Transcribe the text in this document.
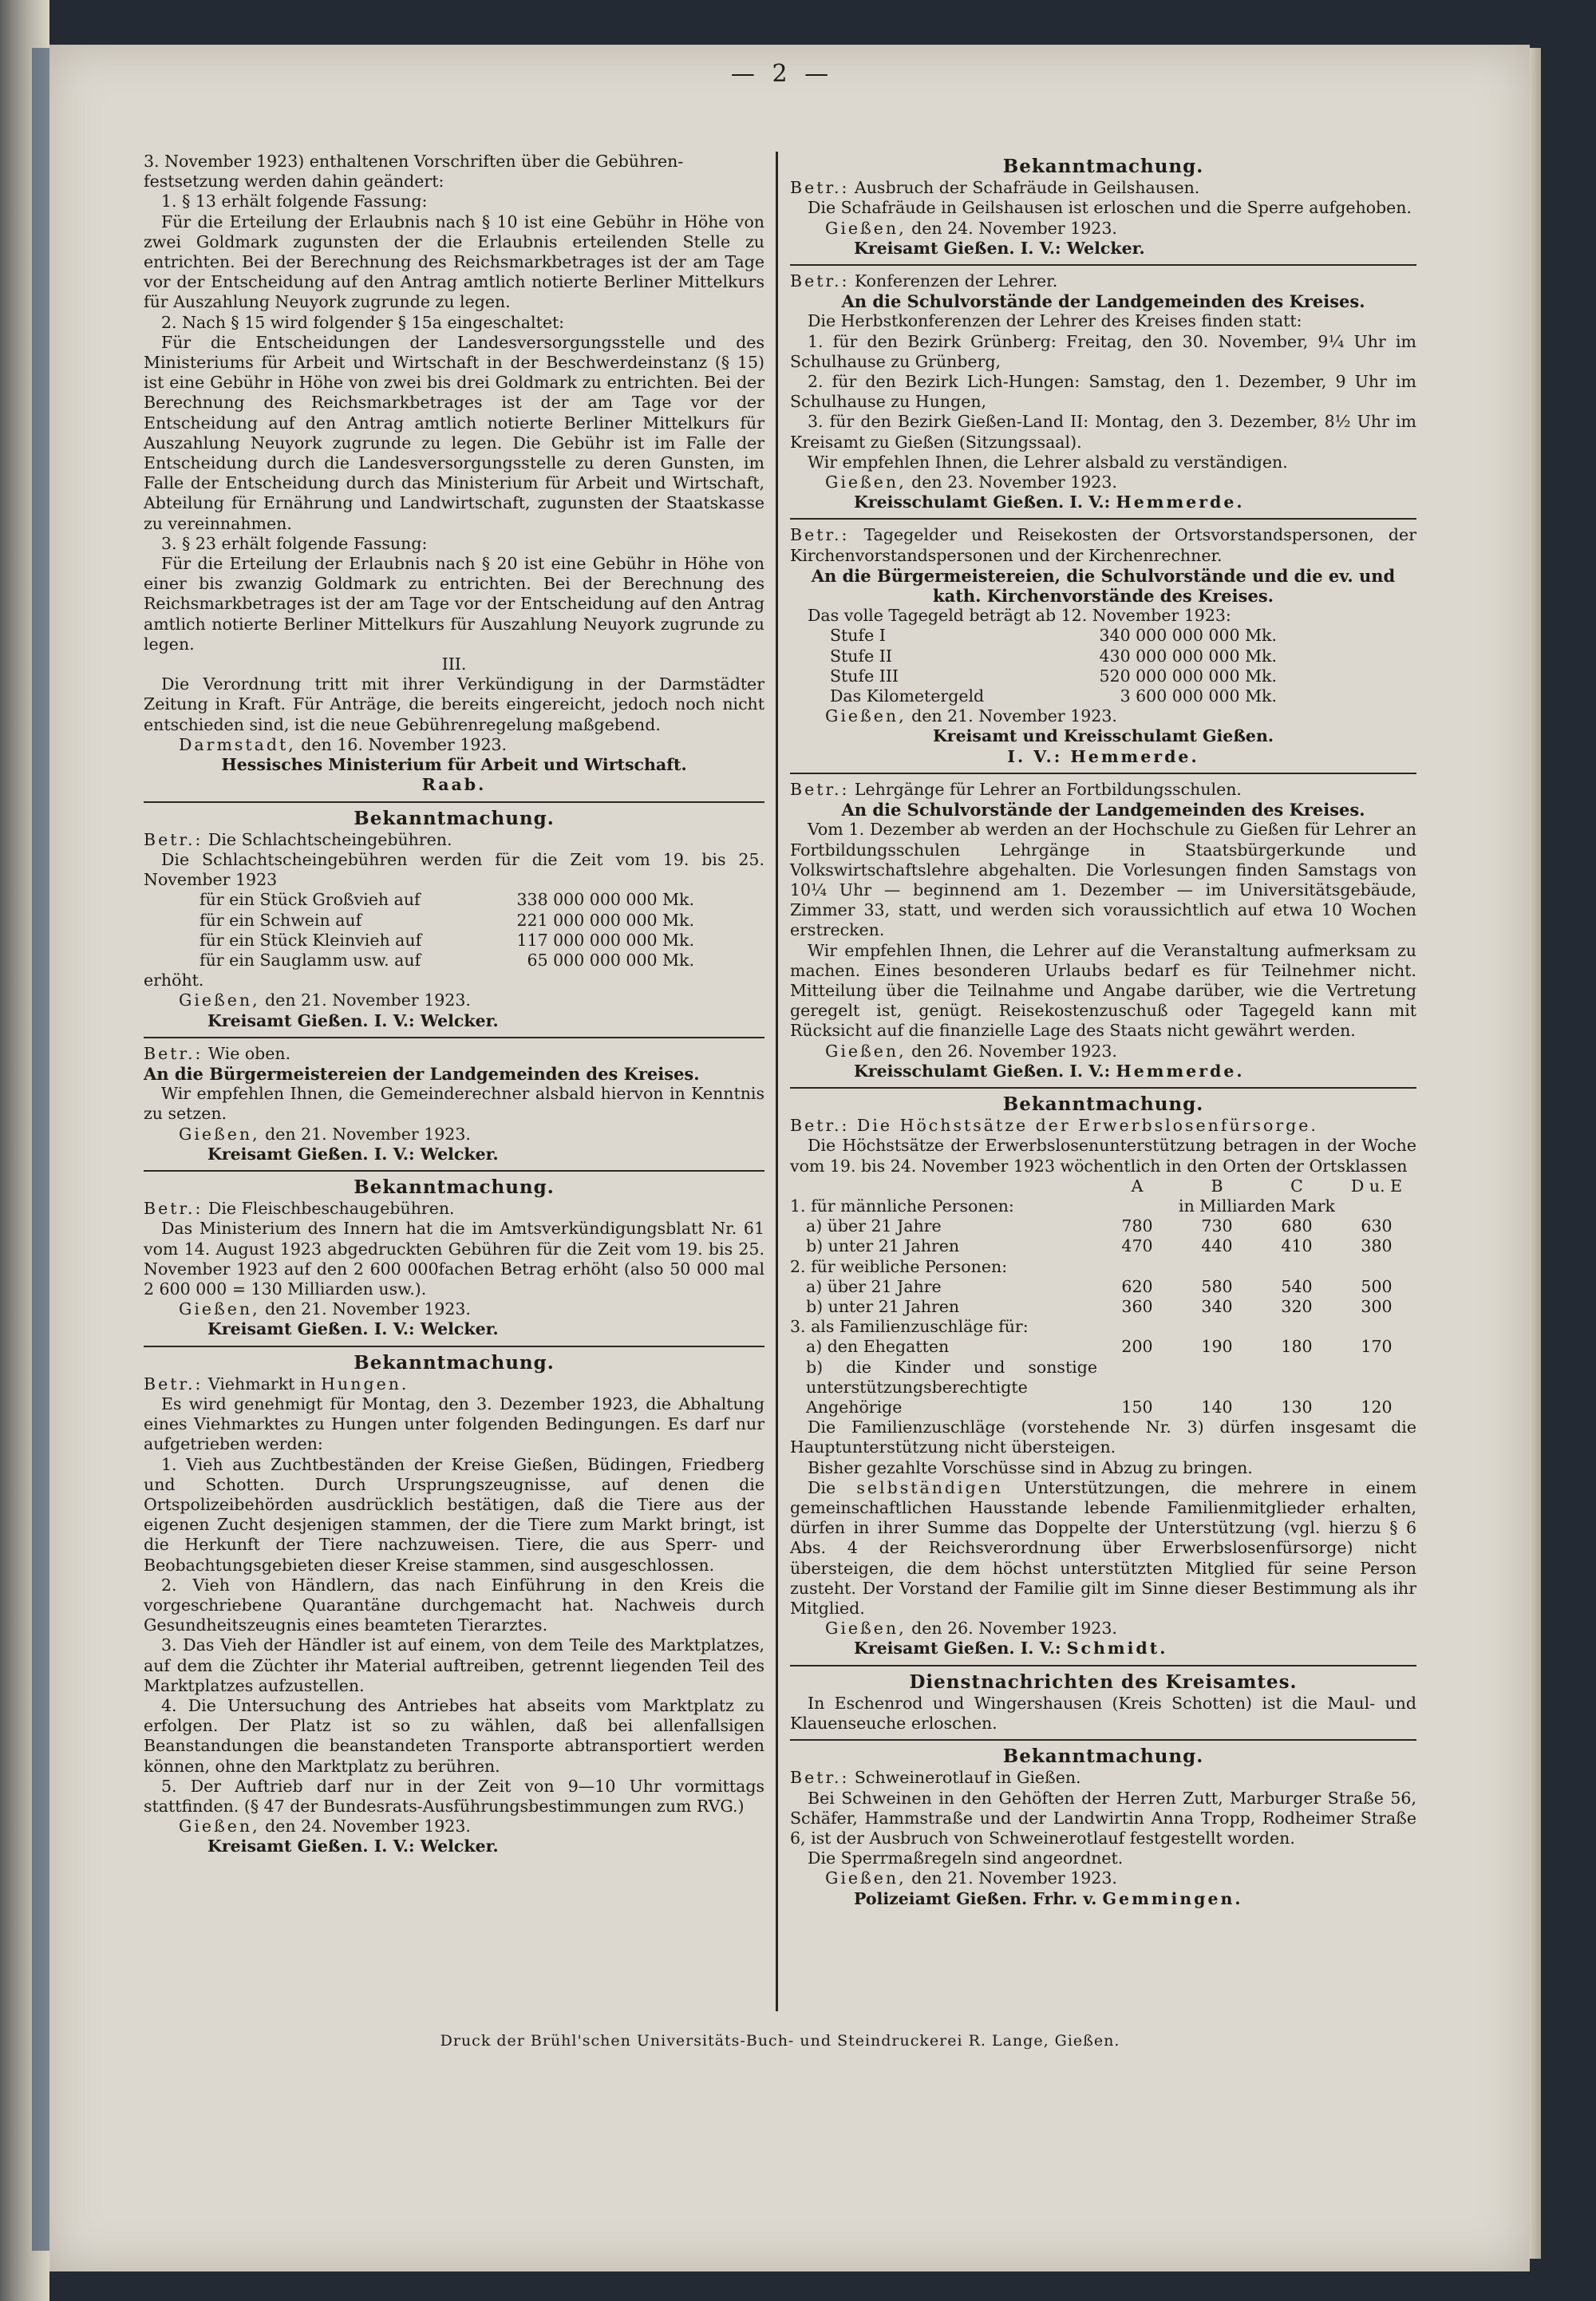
— 2 —

3. November 1923) enthaltenen Vorschriften über die Gebühren-

festsetzung werden dahin geändert:

1. § 13 erhält folgende Fassung:

Für die Erteilung der Erlaubnis nach § 10 ist eine Gebühr in Höhe von zwei Goldmark zugunsten der die Erlaubnis erteilenden Stelle zu entrichten. Bei der Berechnung des Reichsmarkbetrages ist der am Tage vor der Entscheidung auf den Antrag amtlich notierte Berliner Mittelkurs für Auszahlung Neuyork zugrunde zu legen.

2. Nach § 15 wird folgender § 15a eingeschaltet:

Für die Entscheidungen der Landesversorgungsstelle und des Ministeriums für Arbeit und Wirtschaft in der Beschwerdeinstanz (§ 15) ist eine Gebühr in Höhe von zwei bis drei Goldmark zu entrichten. Bei der Berechnung des Reichsmarkbetrages ist der am Tage vor der Entscheidung auf den Antrag amtlich notierte Berliner Mittelkurs für Auszahlung Neuyork zugrunde zu legen. Die Gebühr ist im Falle der Entscheidung durch die Landesversorgungsstelle zu deren Gunsten, im Falle der Entscheidung durch das Ministerium für Arbeit und Wirtschaft, Abteilung für Ernährung und Landwirtschaft, zugunsten der Staatskasse zu vereinnahmen.

3. § 23 erhält folgende Fassung:

Für die Erteilung der Erlaubnis nach § 20 ist eine Gebühr in Höhe von einer bis zwanzig Goldmark zu entrichten. Bei der Berechnung des Reichsmarkbetrages ist der am Tage vor der Entscheidung auf den Antrag amtlich notierte Berliner Mittelkurs für Auszahlung Neuyork zugrunde zu legen.

III.

Die Verordnung tritt mit ihrer Verkündigung in der Darmstädter Zeitung in Kraft. Für Anträge, die bereits eingereicht, jedoch noch nicht entschieden sind, ist die neue Gebührenregelung maßgebend.

Darmstadt, den 16. November 1923.

Hessisches Ministerium für Arbeit und Wirtschaft.

Raab.

Bekanntmachung.

Betr.: Die Schlachtscheingebühren.

Die Schlachtscheingebühren werden für die Zeit vom 19. bis 25. November 1923

für ein Stück Großvieh auf	338 000 000 000 Mk.
für ein Schwein auf	221 000 000 000 Mk.
für ein Stück Kleinvieh auf	117 000 000 000 Mk.
für ein Sauglamm usw. auf	65 000 000 000 Mk.

erhöht.

Gießen, den 21. November 1923.

Kreisamt Gießen. I. V.: Welcker.

Betr.: Wie oben.

An die Bürgermeistereien der Landgemeinden des Kreises.

Wir empfehlen Ihnen, die Gemeinderechner alsbald hiervon in Kenntnis zu setzen.

Gießen, den 21. November 1923.

Kreisamt Gießen. I. V.: Welcker.

Bekanntmachung.

Betr.: Die Fleischbeschaugebühren.

Das Ministerium des Innern hat die im Amtsverkündigungsblatt Nr. 61 vom 14. August 1923 abgedruckten Gebühren für die Zeit vom 19. bis 25. November 1923 auf den 2 600 000fachen Betrag erhöht (also 50 000 mal 2 600 000 = 130 Milliarden usw.).

Gießen, den 21. November 1923.

Kreisamt Gießen. I. V.: Welcker.

Bekanntmachung.

Betr.: Viehmarkt in Hungen.

Es wird genehmigt für Montag, den 3. Dezember 1923, die Abhaltung eines Viehmarktes zu Hungen unter folgenden Bedingungen. Es darf nur aufgetrieben werden:

1. Vieh aus Zuchtbeständen der Kreise Gießen, Büdingen, Friedberg und Schotten. Durch Ursprungszeugnisse, auf denen die Ortspolizeibehörden ausdrücklich bestätigen, daß die Tiere aus der eigenen Zucht desjenigen stammen, der die Tiere zum Markt bringt, ist die Herkunft der Tiere nachzuweisen. Tiere, die aus Sperr- und Beobachtungsgebieten dieser Kreise stammen, sind ausgeschlossen.

2. Vieh von Händlern, das nach Einführung in den Kreis die vorgeschriebene Quarantäne durchgemacht hat. Nachweis durch Gesundheitszeugnis eines beamteten Tierarztes.

3. Das Vieh der Händler ist auf einem, von dem Teile des Marktplatzes, auf dem die Züchter ihr Material auftreiben, getrennt liegenden Teil des Marktplatzes aufzustellen.

4. Die Untersuchung des Antriebes hat abseits vom Marktplatz zu erfolgen. Der Platz ist so zu wählen, daß bei allenfallsigen Beanstandungen die beanstandeten Transporte abtransportiert werden können, ohne den Marktplatz zu berühren.

5. Der Auftrieb darf nur in der Zeit von 9—10 Uhr vormittags stattfinden. (§ 47 der Bundesrats-Ausführungsbestimmungen zum RVG.)

Gießen, den 24. November 1923.

Kreisamt Gießen. I. V.: Welcker.

Bekanntmachung.

Betr.: Ausbruch der Schafräude in Geilshausen.

Die Schafräude in Geilshausen ist erloschen und die Sperre aufgehoben.

Gießen, den 24. November 1923.

Kreisamt Gießen. I. V.: Welcker.

Betr.: Konferenzen der Lehrer.

An die Schulvorstände der Landgemeinden des Kreises.

Die Herbstkonferenzen der Lehrer des Kreises finden statt:

1. für den Bezirk Grünberg: Freitag, den 30. November, 9¼ Uhr im Schulhause zu Grünberg,

2. für den Bezirk Lich-Hungen: Samstag, den 1. Dezember, 9 Uhr im Schulhause zu Hungen,

3. für den Bezirk Gießen-Land II: Montag, den 3. Dezember, 8½ Uhr im Kreisamt zu Gießen (Sitzungssaal).

Wir empfehlen Ihnen, die Lehrer alsbald zu verständigen.

Gießen, den 23. November 1923.

Kreisschulamt Gießen. I. V.: Hemmerde.

Betr.: Tagegelder und Reisekosten der Ortsvorstandspersonen, der Kirchenvorstandspersonen und der Kirchenrechner.

An die Bürgermeistereien, die Schulvorstände und die ev. und kath. Kirchenvorstände des Kreises.

Das volle Tagegeld beträgt ab 12. November 1923:

Stufe I	340 000 000 000 Mk.
Stufe II	430 000 000 000 Mk.
Stufe III	520 000 000 000 Mk.
Das Kilometergeld	3 600 000 000 Mk.

Gießen, den 21. November 1923.

Kreisamt und Kreisschulamt Gießen.

I. V.: Hemmerde.

Betr.: Lehrgänge für Lehrer an Fortbildungsschulen.

An die Schulvorstände der Landgemeinden des Kreises.

Vom 1. Dezember ab werden an der Hochschule zu Gießen für Lehrer an Fortbildungsschulen Lehrgänge in Staatsbürgerkunde und Volkswirtschaftslehre abgehalten. Die Vorlesungen finden Samstags von 10¼ Uhr — beginnend am 1. Dezember — im Universitätsgebäude, Zimmer 33, statt, und werden sich voraussichtlich auf etwa 10 Wochen erstrecken.

Wir empfehlen Ihnen, die Lehrer auf die Veranstaltung aufmerksam zu machen. Eines besonderen Urlaubs bedarf es für Teilnehmer nicht. Mitteilung über die Teilnahme und Angabe darüber, wie die Vertretung geregelt ist, genügt. Reisekostenzuschuß oder Tagegeld kann mit Rücksicht auf die finanzielle Lage des Staats nicht gewährt werden.

Gießen, den 26. November 1923.

Kreisschulamt Gießen. I. V.: Hemmerde.

Bekanntmachung.

Betr.: Die Höchstsätze der Erwerbslosenfürsorge.

Die Höchstsätze der Erwerbslosenunterstützung betragen in der Woche vom 19. bis 24. November 1923 wöchentlich in den Orten der Ortsklassen

	A	B	C	D u. E
1. für männliche Personen:	in Milliarden Mark			
a) über 21 Jahre	780	730	680	630
b) unter 21 Jahren	470	440	410	380
2. für weibliche Personen:				
a) über 21 Jahre	620	580	540	500
b) unter 21 Jahren	360	340	320	300
3. als Familienzuschläge für:				
a) den Ehegatten	200	190	180	170
b) die Kinder und sonstige unterstützungsberechtigte Angehörige	150	140	130	120

Die Familienzuschläge (vorstehende Nr. 3) dürfen insgesamt die Hauptunterstützung nicht übersteigen.

Bisher gezahlte Vorschüsse sind in Abzug zu bringen.

Die selbständigen Unterstützungen, die mehrere in einem gemeinschaftlichen Hausstande lebende Familienmitglieder erhalten, dürfen in ihrer Summe das Doppelte der Unterstützung (vgl. hierzu § 6 Abs. 4 der Reichsverordnung über Erwerbslosenfürsorge) nicht übersteigen, die dem höchst unterstützten Mitglied für seine Person zusteht. Der Vorstand der Familie gilt im Sinne dieser Bestimmung als ihr Mitglied.

Gießen, den 26. November 1923.

Kreisamt Gießen. I. V.: Schmidt.

Dienstnachrichten des Kreisamtes.

In Eschenrod und Wingershausen (Kreis Schotten) ist die Maul- und Klauenseuche erloschen.

Bekanntmachung.

Betr.: Schweinerotlauf in Gießen.

Bei Schweinen in den Gehöften der Herren Zutt, Marburger Straße 56, Schäfer, Hammstraße und der Landwirtin Anna Tropp, Rodheimer Straße 6, ist der Ausbruch von Schweinerotlauf festgestellt worden.

Die Sperrmaßregeln sind angeordnet.

Gießen, den 21. November 1923.

Polizeiamt Gießen. Frhr. v. Gemmingen.

Druck der Brühl'schen Universitäts-Buch- und Steindruckerei R. Lange, Gießen.
